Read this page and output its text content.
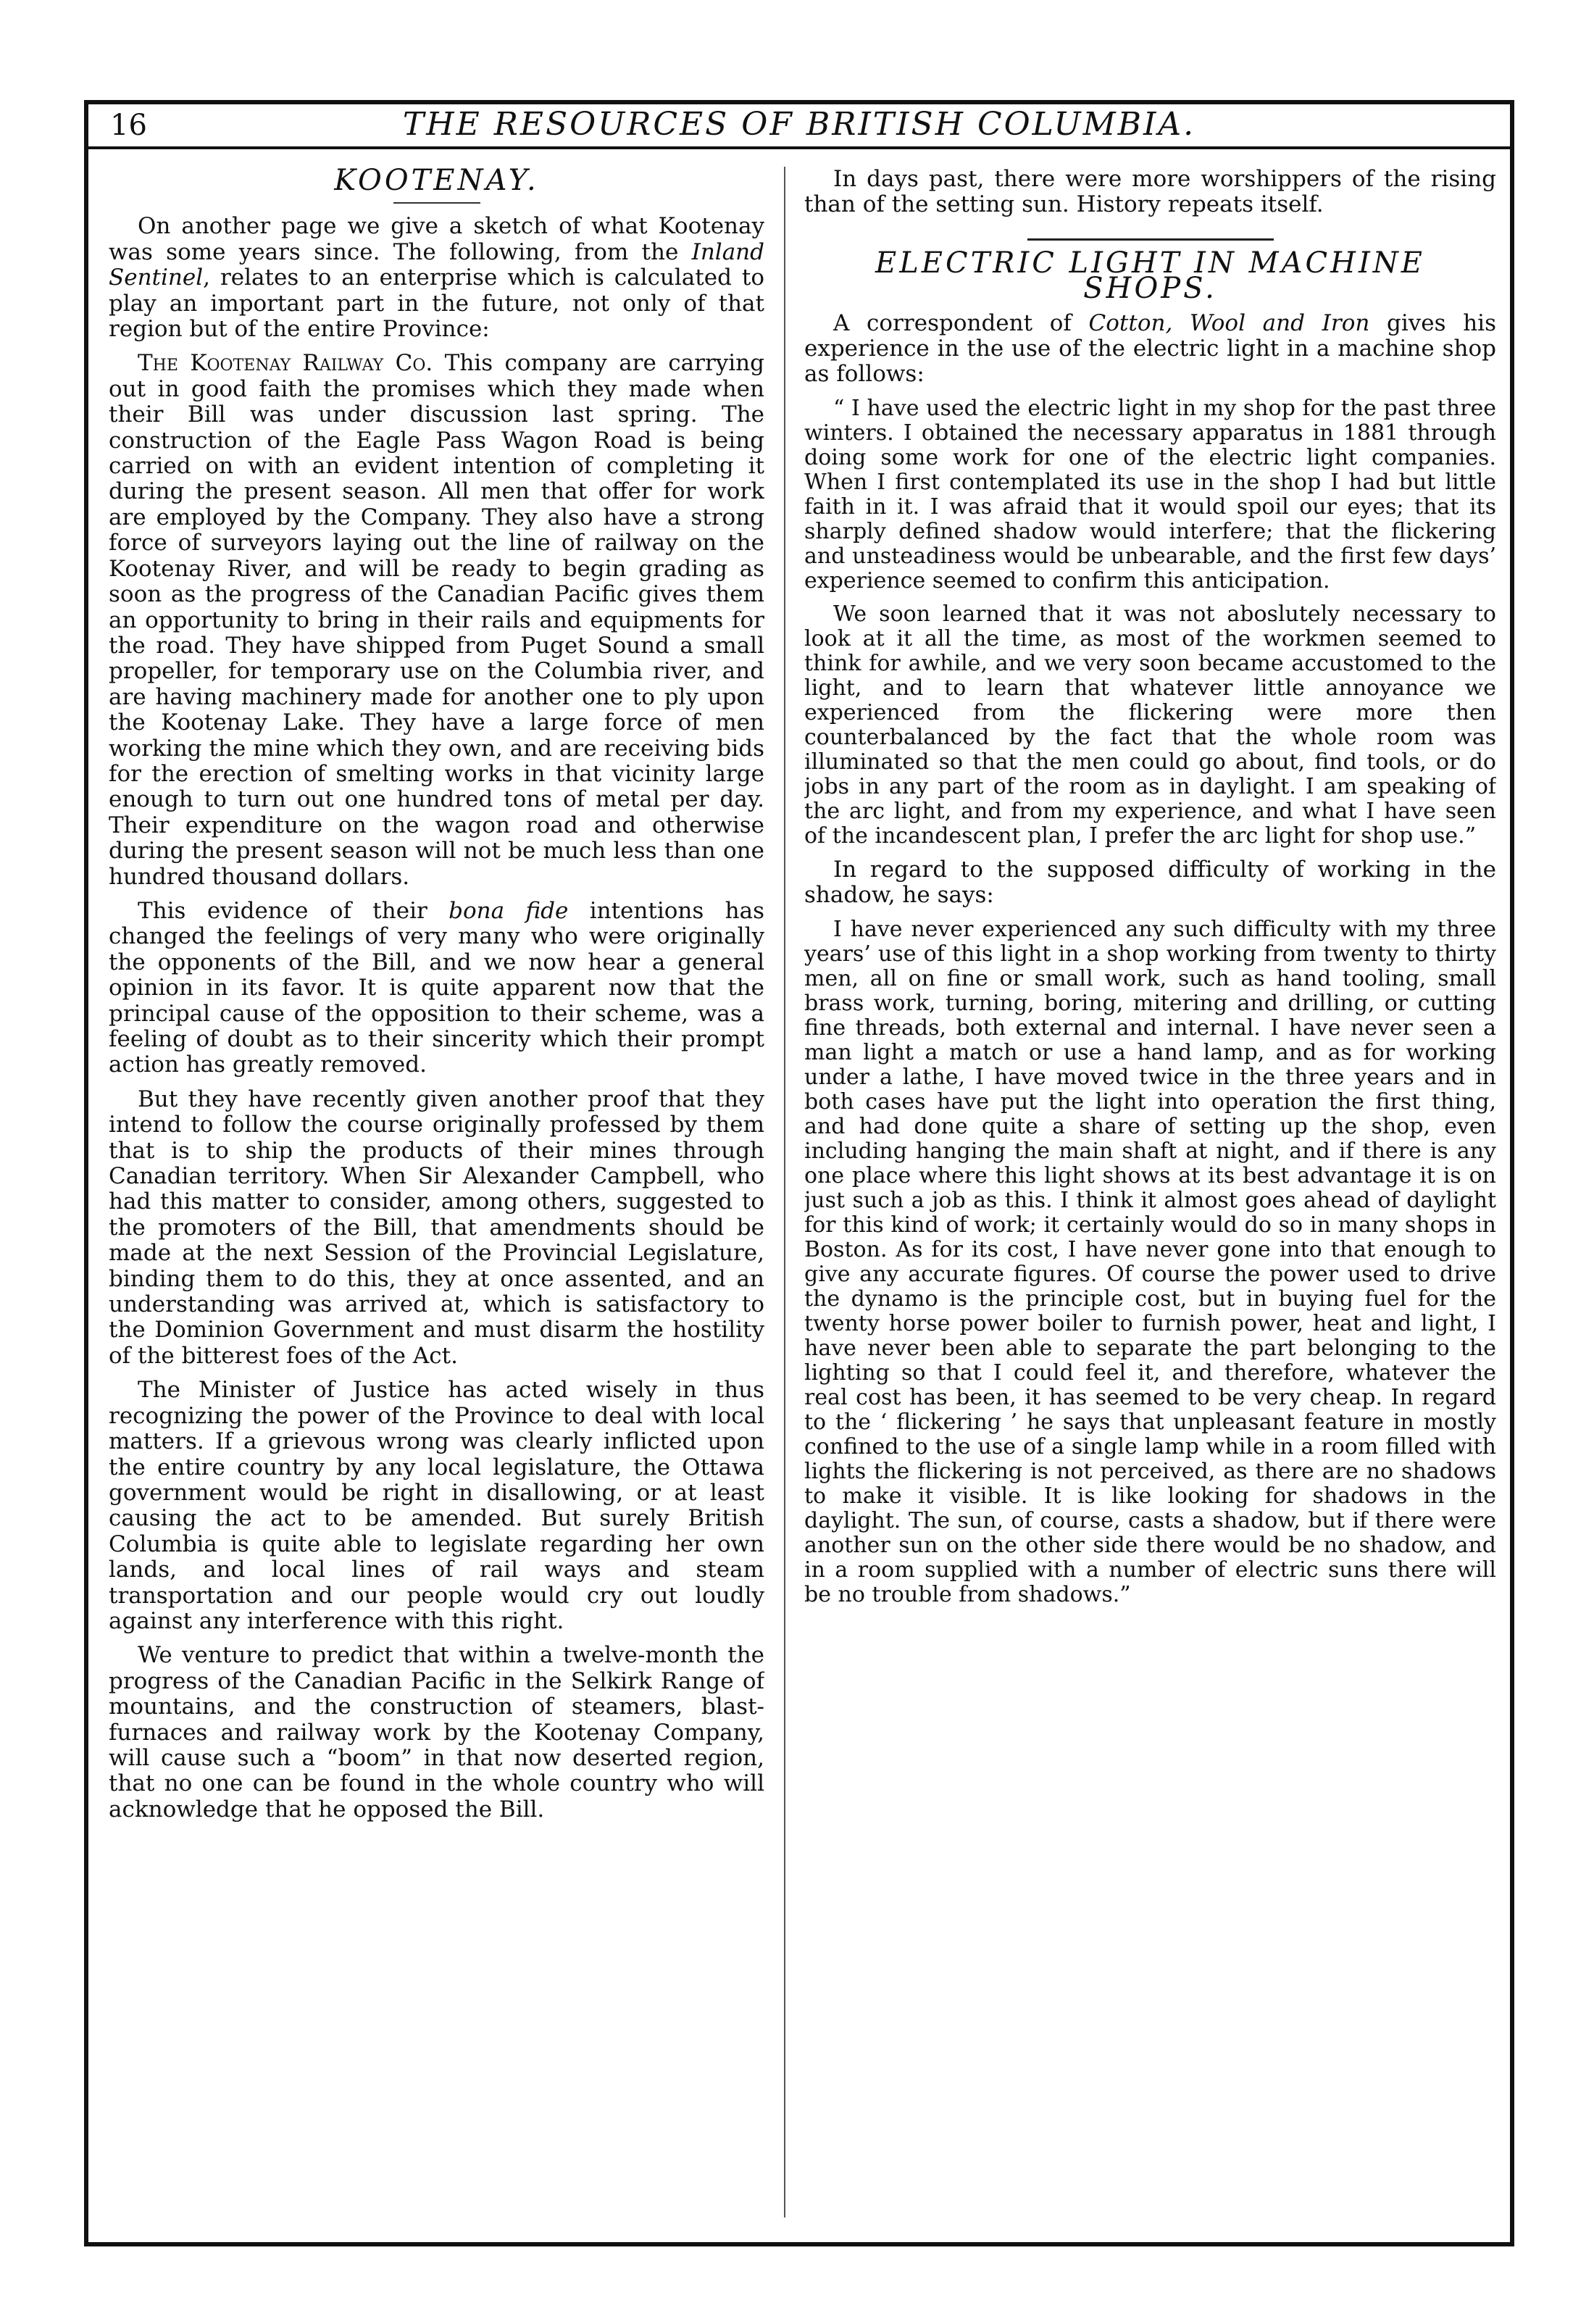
16	THE RESOURCES OF BRITISH COLUMBIA.
KOOTENAY.

On another page we give a sketch of what Kootenay was some years since. The following, from the Inland Sentinel, relates to an enterprise which is calculated to play an important part in the future, not only of that region but of the entire Province:

The Kootenay Railway Co. This company are carrying out in good faith the promises which they made when their Bill was under discussion last spring. The construction of the Eagle Pass Wagon Road is being carried on with an evident intention of completing it during the present season. All men that offer for work are employed by the Company. They also have a strong force of surveyors laying out the line of railway on the Kootenay River, and will be ready to begin grading as soon as the progress of the Canadian Pacific gives them an opportunity to bring in their rails and equipments for the road. They have shipped from Puget Sound a small propeller, for temporary use on the Columbia river, and are having machinery made for another one to ply upon the Kootenay Lake. They have a large force of men working the mine which they own, and are receiving bids for the erection of smelting works in that vicinity large enough to turn out one hundred tons of metal per day. Their expenditure on the wagon road and otherwise during the present season will not be much less than one hundred thousand dollars.

This evidence of their bona fide intentions has changed the feelings of very many who were originally the opponents of the Bill, and we now hear a general opinion in its favor. It is quite apparent now that the principal cause of the opposition to their scheme, was a feeling of doubt as to their sincerity which their prompt action has greatly removed.

But they have recently given another proof that they intend to follow the course originally professed by them that is to ship the products of their mines through Canadian territory. When Sir Alexander Campbell, who had this matter to consider, among others, suggested to the promoters of the Bill, that amendments should be made at the next Session of the Provincial Legislature, binding them to do this, they at once assented, and an understanding was arrived at, which is satisfactory to the Dominion Government and must disarm the hostility of the bitterest foes of the Act.

The Minister of Justice has acted wisely in thus recognizing the power of the Province to deal with local matters. If a grievous wrong was clearly inflicted upon the entire country by any local legislature, the Ottawa government would be right in disallowing, or at least causing the act to be amended. But surely British Columbia is quite able to legislate regarding her own lands, and local lines of rail ways and steam transportation and our people would cry out loudly against any interference with this right.

We venture to predict that within a twelve-month the progress of the Canadian Pacific in the Selkirk Range of mountains, and the construction of steamers, blast-furnaces and railway work by the Kootenay Company, will cause such a “boom” in that now deserted region, that no one can be found in the whole country who will acknowledge that he opposed the Bill.

In days past, there were more worshippers of the rising than of the setting sun. History repeats itself.

ELECTRIC LIGHT IN MACHINE SHOPS.

A correspondent of Cotton, Wool and Iron gives his experience in the use of the electric light in a machine shop as follows:

“ I have used the electric light in my shop for the past three winters. I obtained the necessary apparatus in 1881 through doing some work for one of the electric light companies. When I first contemplated its use in the shop I had but little faith in it. I was afraid that it would spoil our eyes; that its sharply defined shadow would interfere; that the flickering and unsteadiness would be unbearable, and the first few days’ experience seemed to confirm this anticipation.

We soon learned that it was not aboslutely necessary to look at it all the time, as most of the workmen seemed to think for awhile, and we very soon became accustomed to the light, and to learn that whatever little annoyance we experienced from the flickering were more then counterbalanced by the fact that the whole room was illuminated so that the men could go about, find tools, or do jobs in any part of the room as in daylight. I am speaking of the arc light, and from my experience, and what I have seen of the incandescent plan, I prefer the arc light for shop use.”

In regard to the supposed difficulty of working in the shadow, he says:

I have never experienced any such difficulty with my three years’ use of this light in a shop working from twenty to thirty men, all on fine or small work, such as hand tooling, small brass work, turning, boring, mitering and drilling, or cutting fine threads, both external and internal. I have never seen a man light a match or use a hand lamp, and as for working under a lathe, I have moved twice in the three years and in both cases have put the light into operation the first thing, and had done quite a share of setting up the shop, even including hanging the main shaft at night, and if there is any one place where this light shows at its best advantage it is on just such a job as this. I think it almost goes ahead of daylight for this kind of work; it certainly would do so in many shops in Boston. As for its cost, I have never gone into that enough to give any accurate figures. Of course the power used to drive the dynamo is the principle cost, but in buying fuel for the twenty horse power boiler to furnish power, heat and light, I have never been able to separate the part belonging to the lighting so that I could feel it, and therefore, whatever the real cost has been, it has seemed to be very cheap. In regard to the ‘ flickering ’ he says that unpleasant feature in mostly confined to the use of a single lamp while in a room filled with lights the flickering is not perceived, as there are no shadows to make it visible. It is like looking for shadows in the daylight. The sun, of course, casts a shadow, but if there were another sun on the other side there would be no shadow, and in a room supplied with a number of electric suns there will be no trouble from shadows.”
